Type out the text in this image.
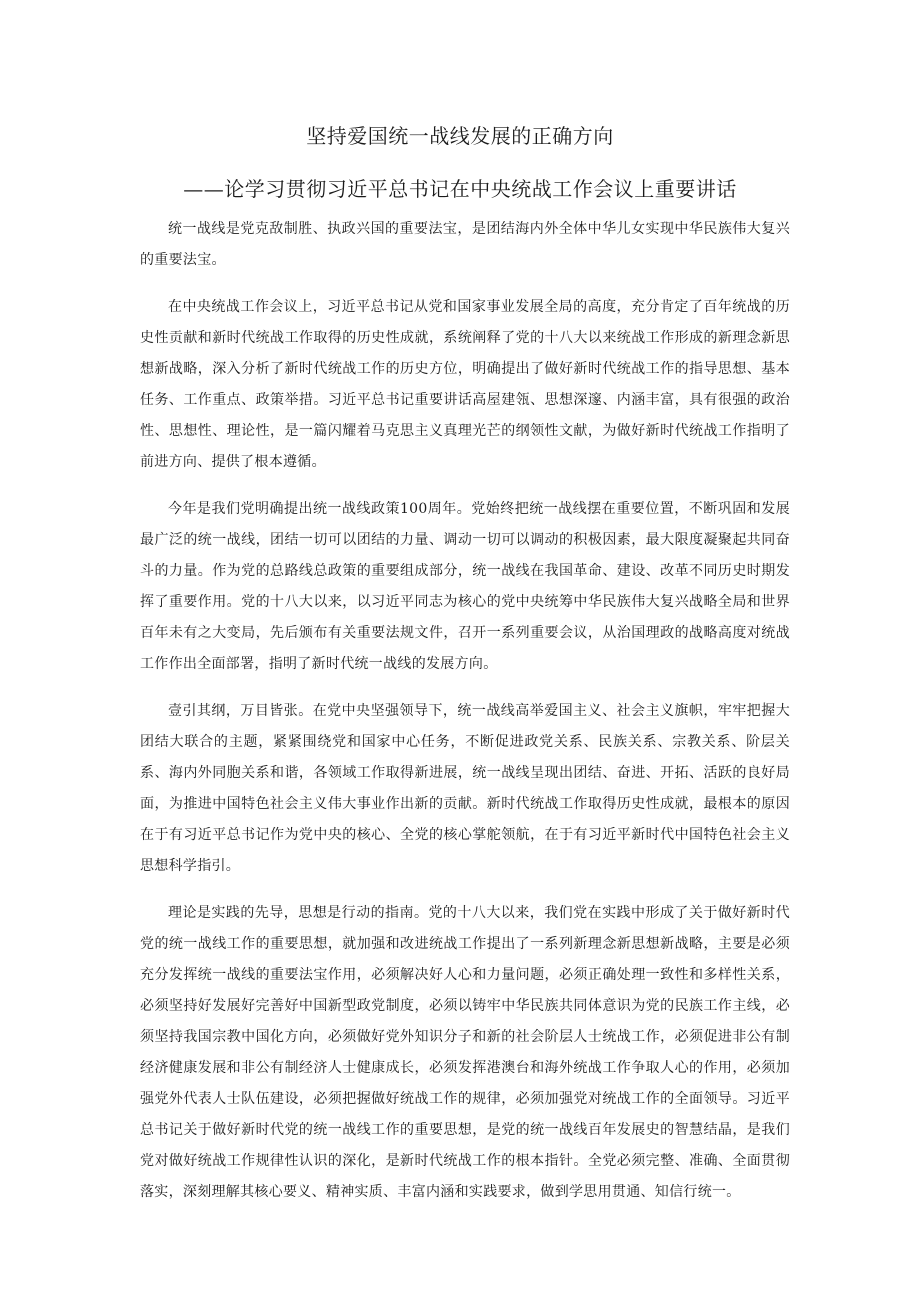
坚持爱国统一战线发展的正确方向
——论学习贯彻习近平总书记在中央统战工作会议上重要讲话

统一战线是党克敌制胜、执政兴国的重要法宝，是团结海内外全体中华儿女实现中华民族伟大复兴的重要法宝。

在中央统战工作会议上，习近平总书记从党和国家事业发展全局的高度，充分肯定了百年统战的历史性贡献和新时代统战工作取得的历史性成就，系统阐释了党的十八大以来统战工作形成的新理念新思想新战略，深入分析了新时代统战工作的历史方位，明确提出了做好新时代统战工作的指导思想、基本任务、工作重点、政策举措。习近平总书记重要讲话高屋建瓴、思想深邃、内涵丰富，具有很强的政治性、思想性、理论性，是一篇闪耀着马克思主义真理光芒的纲领性文献，为做好新时代统战工作指明了前进方向、提供了根本遵循。

今年是我们党明确提出统一战线政策100周年。党始终把统一战线摆在重要位置，不断巩固和发展最广泛的统一战线，团结一切可以团结的力量、调动一切可以调动的积极因素，最大限度凝聚起共同奋斗的力量。作为党的总路线总政策的重要组成部分，统一战线在我国革命、建设、改革不同历史时期发挥了重要作用。党的十八大以来，以习近平同志为核心的党中央统筹中华民族伟大复兴战略全局和世界百年未有之大变局，先后颁布有关重要法规文件，召开一系列重要会议，从治国理政的战略高度对统战工作作出全面部署，指明了新时代统一战线的发展方向。

壹引其纲，万目皆张。在党中央坚强领导下，统一战线高举爱国主义、社会主义旗帜，牢牢把握大团结大联合的主题，紧紧围绕党和国家中心任务，不断促进政党关系、民族关系、宗教关系、阶层关系、海内外同胞关系和谐，各领域工作取得新进展，统一战线呈现出团结、奋进、开拓、活跃的良好局面，为推进中国特色社会主义伟大事业作出新的贡献。新时代统战工作取得历史性成就，最根本的原因在于有习近平总书记作为党中央的核心、全党的核心掌舵领航，在于有习近平新时代中国特色社会主义思想科学指引。

理论是实践的先导，思想是行动的指南。党的十八大以来，我们党在实践中形成了关于做好新时代党的统一战线工作的重要思想，就加强和改进统战工作提出了一系列新理念新思想新战略，主要是必须充分发挥统一战线的重要法宝作用，必须解决好人心和力量问题，必须正确处理一致性和多样性关系，必须坚持好发展好完善好中国新型政党制度，必须以铸牢中华民族共同体意识为党的民族工作主线，必须坚持我国宗教中国化方向，必须做好党外知识分子和新的社会阶层人士统战工作，必须促进非公有制经济健康发展和非公有制经济人士健康成长，必须发挥港澳台和海外统战工作争取人心的作用，必须加强党外代表人士队伍建设，必须把握做好统战工作的规律，必须加强党对统战工作的全面领导。习近平总书记关于做好新时代党的统一战线工作的重要思想，是党的统一战线百年发展史的智慧结晶，是我们党对做好统战工作规律性认识的深化，是新时代统战工作的根本指针。全党必须完整、准确、全面贯彻落实，深刻理解其核心要义、精神实质、丰富内涵和实践要求，做到学思用贯通、知信行统一。
